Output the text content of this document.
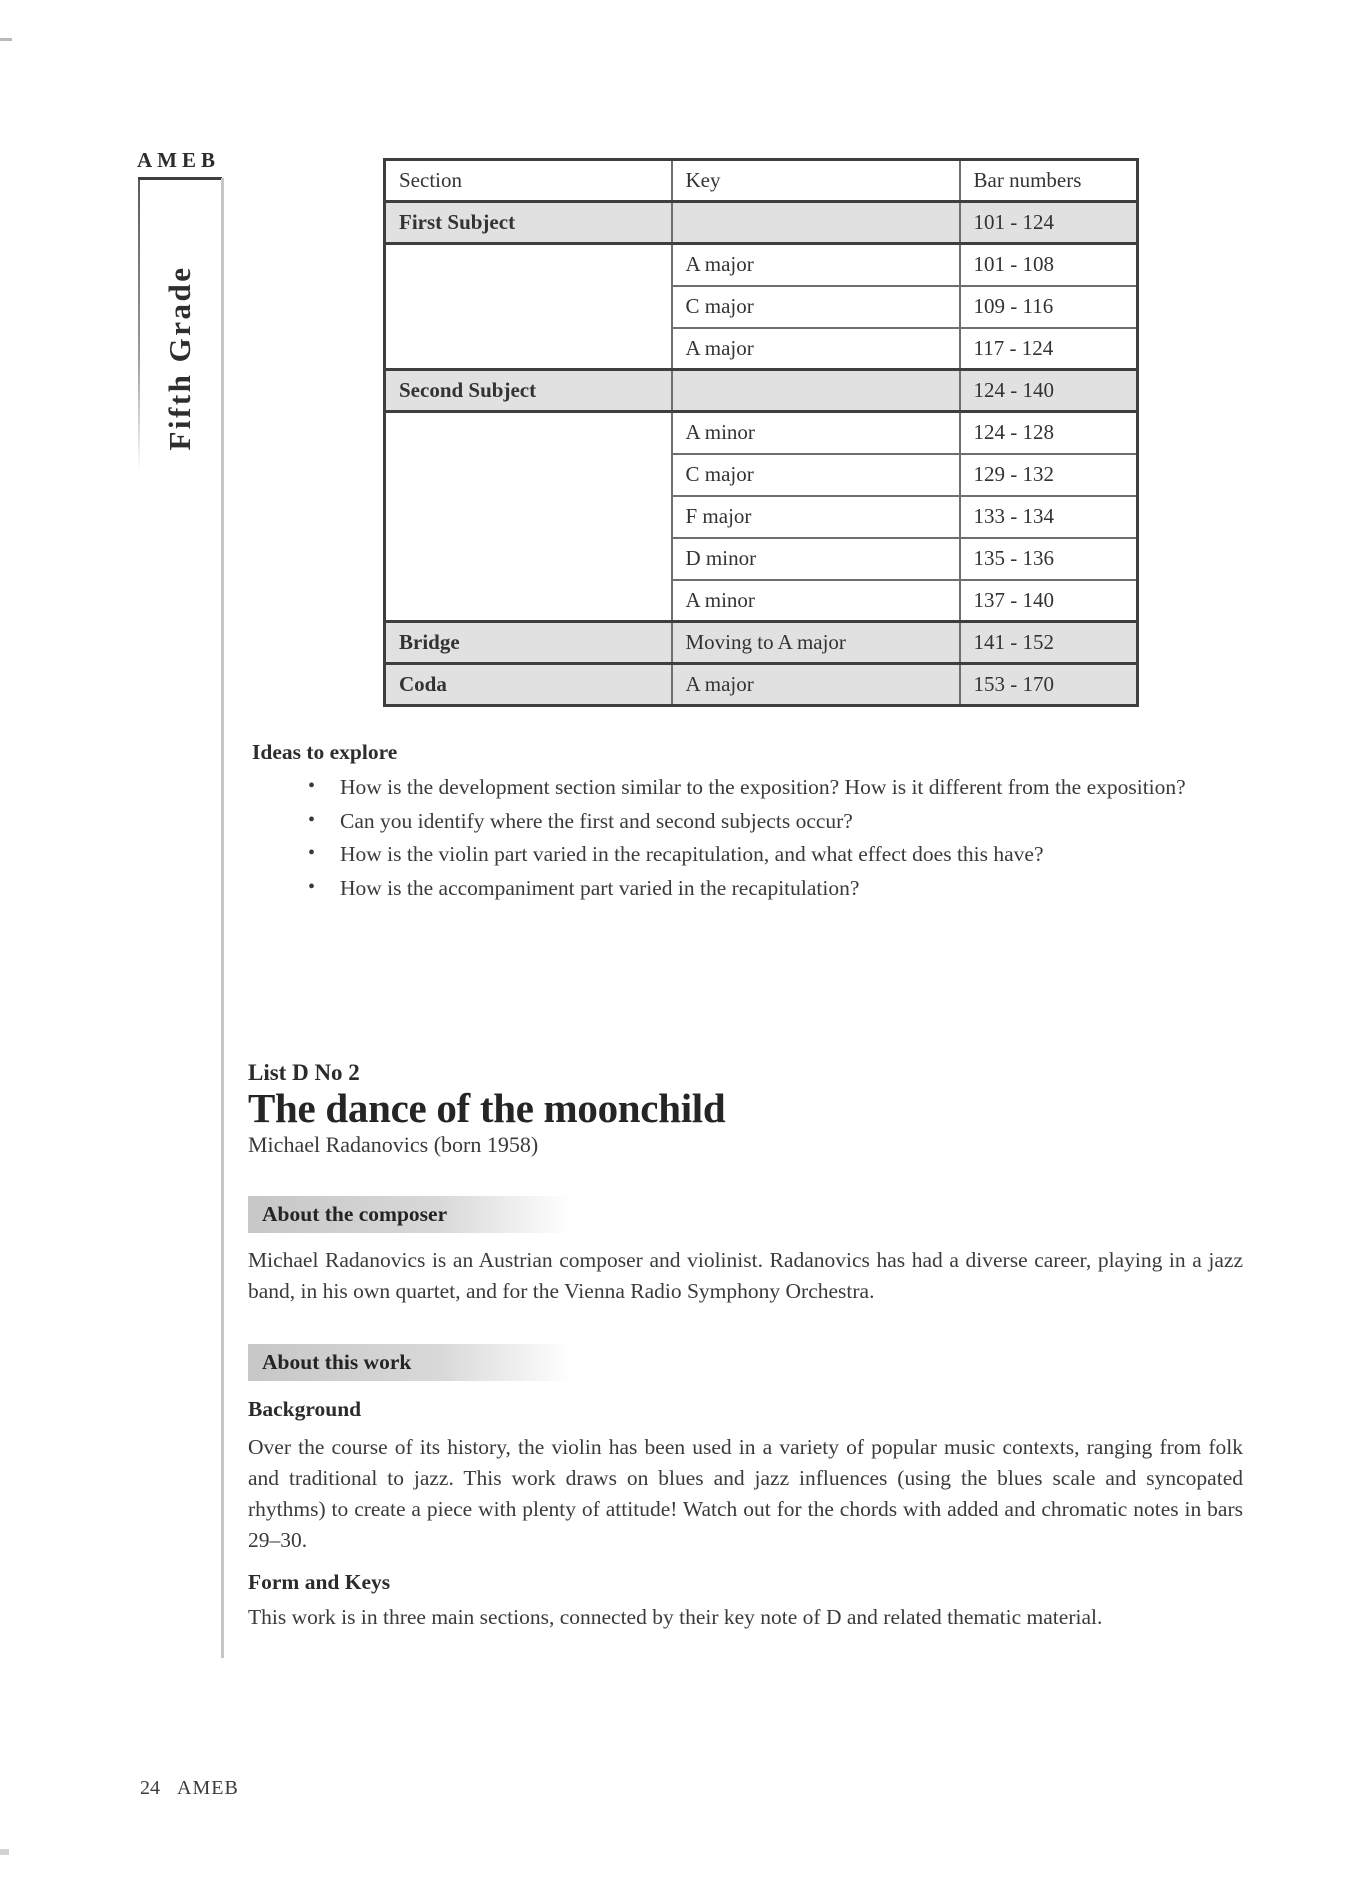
AMEB
Fifth Grade
Section	Key	Bar numbers
First Subject		101 - 124
	A major	101 - 108
	C major	109 - 116
	A major	117 - 124
Second Subject		124 - 140
	A minor	124 - 128
	C major	129 - 132
	F major	133 - 134
	D minor	135 - 136
	A minor	137 - 140
Bridge	Moving to A major	141 - 152
Coda	A major	153 - 170
Ideas to explore
• How is the development section similar to the exposition? How is it different from the exposition?
• Can you identify where the first and second subjects occur?
• How is the violin part varied in the recapitulation, and what effect does this have?
• How is the accompaniment part varied in the recapitulation?

List D No 2

The dance of the moonchild

Michael Radanovics (born 1958)

About the composer

Michael Radanovics is an Austrian composer and violinist. Radanovics has had a diverse career, playing in a jazz band, in his own quartet, and for the Vienna Radio Symphony Orchestra.

About this work
Background

Over the course of its history, the violin has been used in a variety of popular music contexts, ranging from folk and traditional to jazz. This work draws on blues and jazz influences (using the blues scale and syncopated rhythms) to create a piece with plenty of attitude! Watch out for the chords with added and chromatic notes in bars 29–30.

Form and Keys

This work is in three main sections, connected by their key note of D and related thematic material.

24 AMEB
